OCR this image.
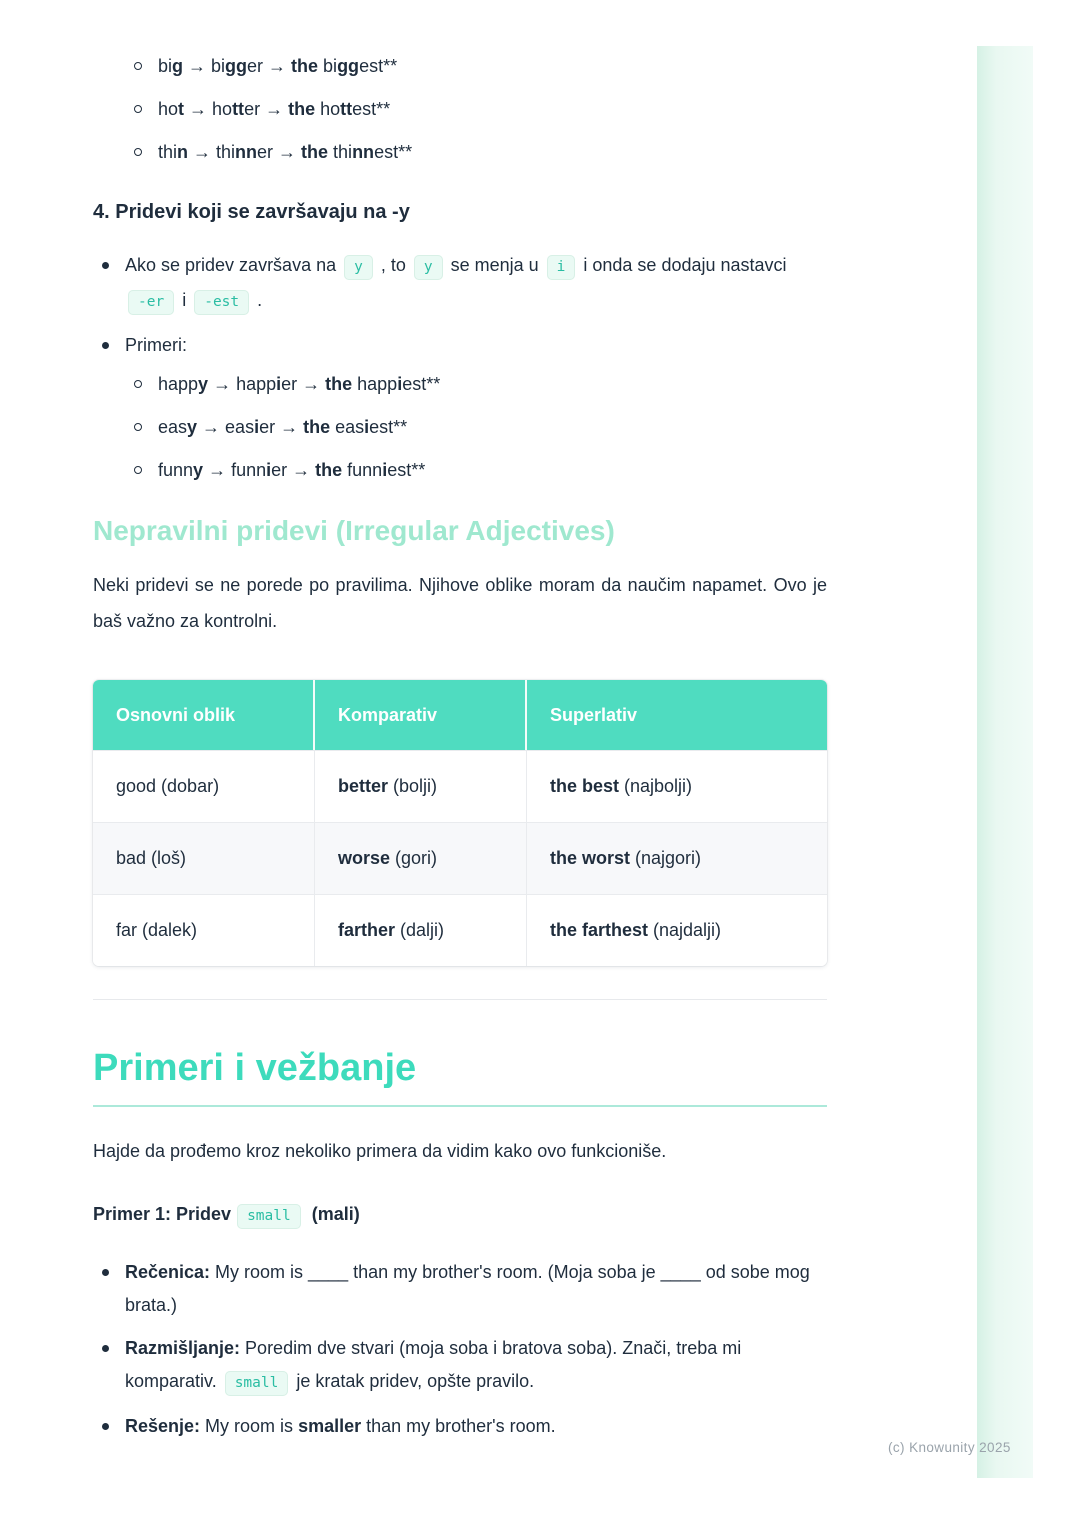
big → bigger → the biggest**
hot → hotter → the hottest**
thin → thinner → the thinnest**
4. Pridevi koji se završavaju na -y
Ako se pridev završava na y , to y se menja u i i onda se dodaju nastavci -er i -est .
Primeri:
happy → happier → the happiest**
easy → easier → the easiest**
funny → funnier → the funniest**
Nepravilni pridevi (Irregular Adjectives)

Neki pridevi se ne porede po pravilima. Njihove oblike moram da naučim napamet. Ovo je baš važno za kontrolni.

Osnovni oblik	Komparativ	Superlativ
good (dobar)	better (bolji)	the best (najbolji)
bad (loš)	worse (gori)	the worst (najgori)
far (dalek)	farther (dalji)	the farthest (najdalji)
Primeri i vežbanje

Hajde da prođemo kroz nekoliko primera da vidim kako ovo funkcioniše.

Primer 1: Pridev small (mali)
Rečenica: My room is ____ than my brother's room. (Moja soba je ____ od sobe mog brata.)
Razmišljanje: Poredim dve stvari (moja soba i bratova soba). Znači, treba mi komparativ. small je kratak pridev, opšte pravilo.
Rešenje: My room is smaller than my brother's room.
(c) Knowunity 2025
